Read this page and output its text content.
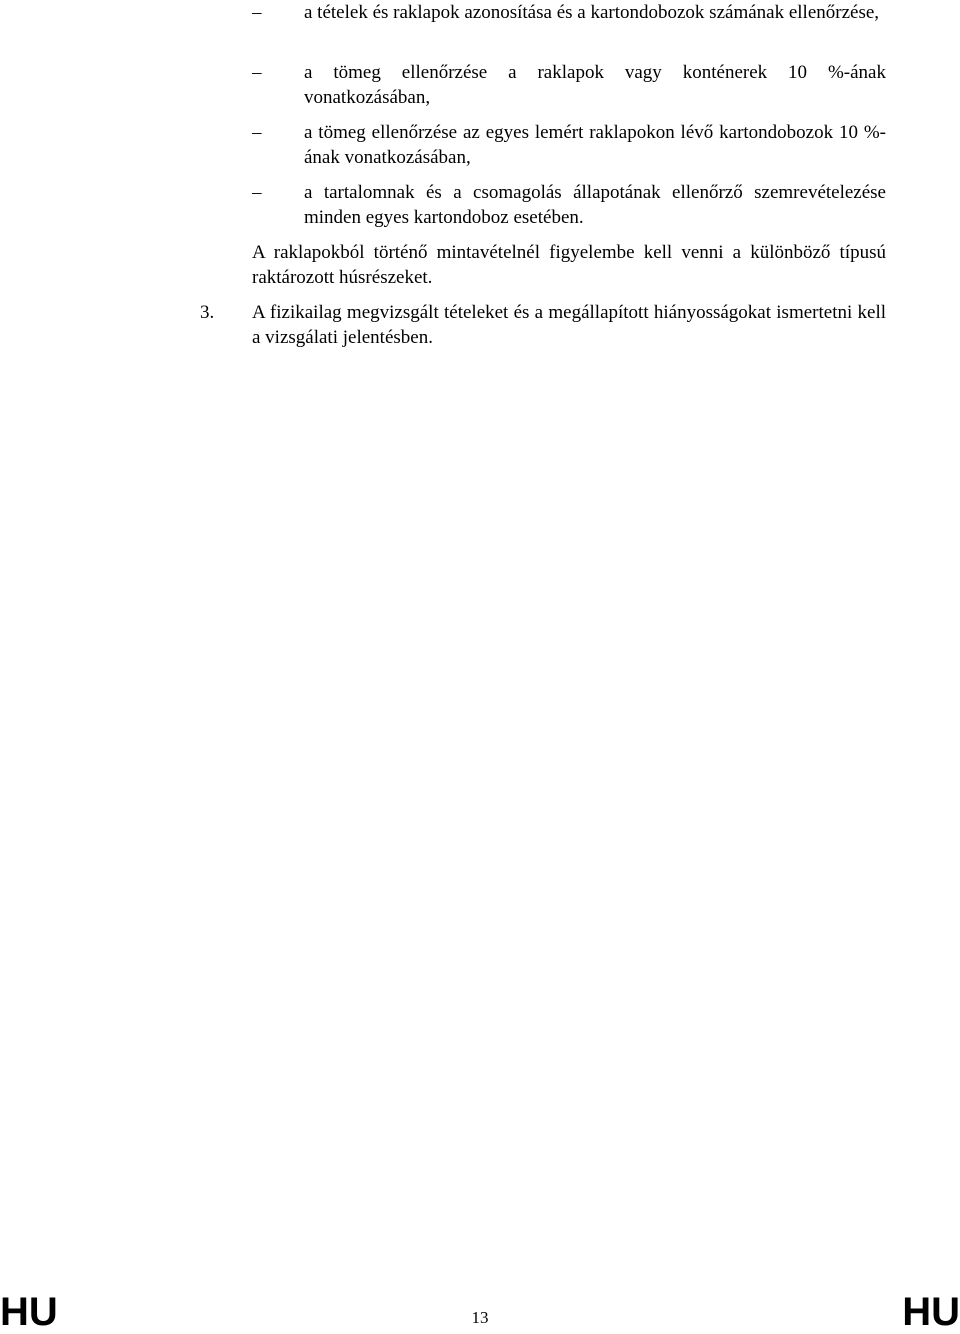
–	a tételek és raklapok azonosítása és a kartondobozok számának ellenőrzése,
–	a tömeg ellenőrzése a raklapok vagy konténerek 10 %-ának vonatkozásában,
–	a tömeg ellenőrzése az egyes lemért raklapokon lévő kartondobozok 10 %-ának vonatkozásában,
–	a tartalomnak és a csomagolás állapotának ellenőrző szemrevételezése minden egyes kartondoboz esetében.
A raklapokból történő mintavételnél figyelembe kell venni a különböző típusú raktározott húsrészeket.
3. A fizikailag megvizsgált tételeket és a megállapított hiányosságokat ismertetni kell a vizsgálati jelentésben.
HU	13	HU
